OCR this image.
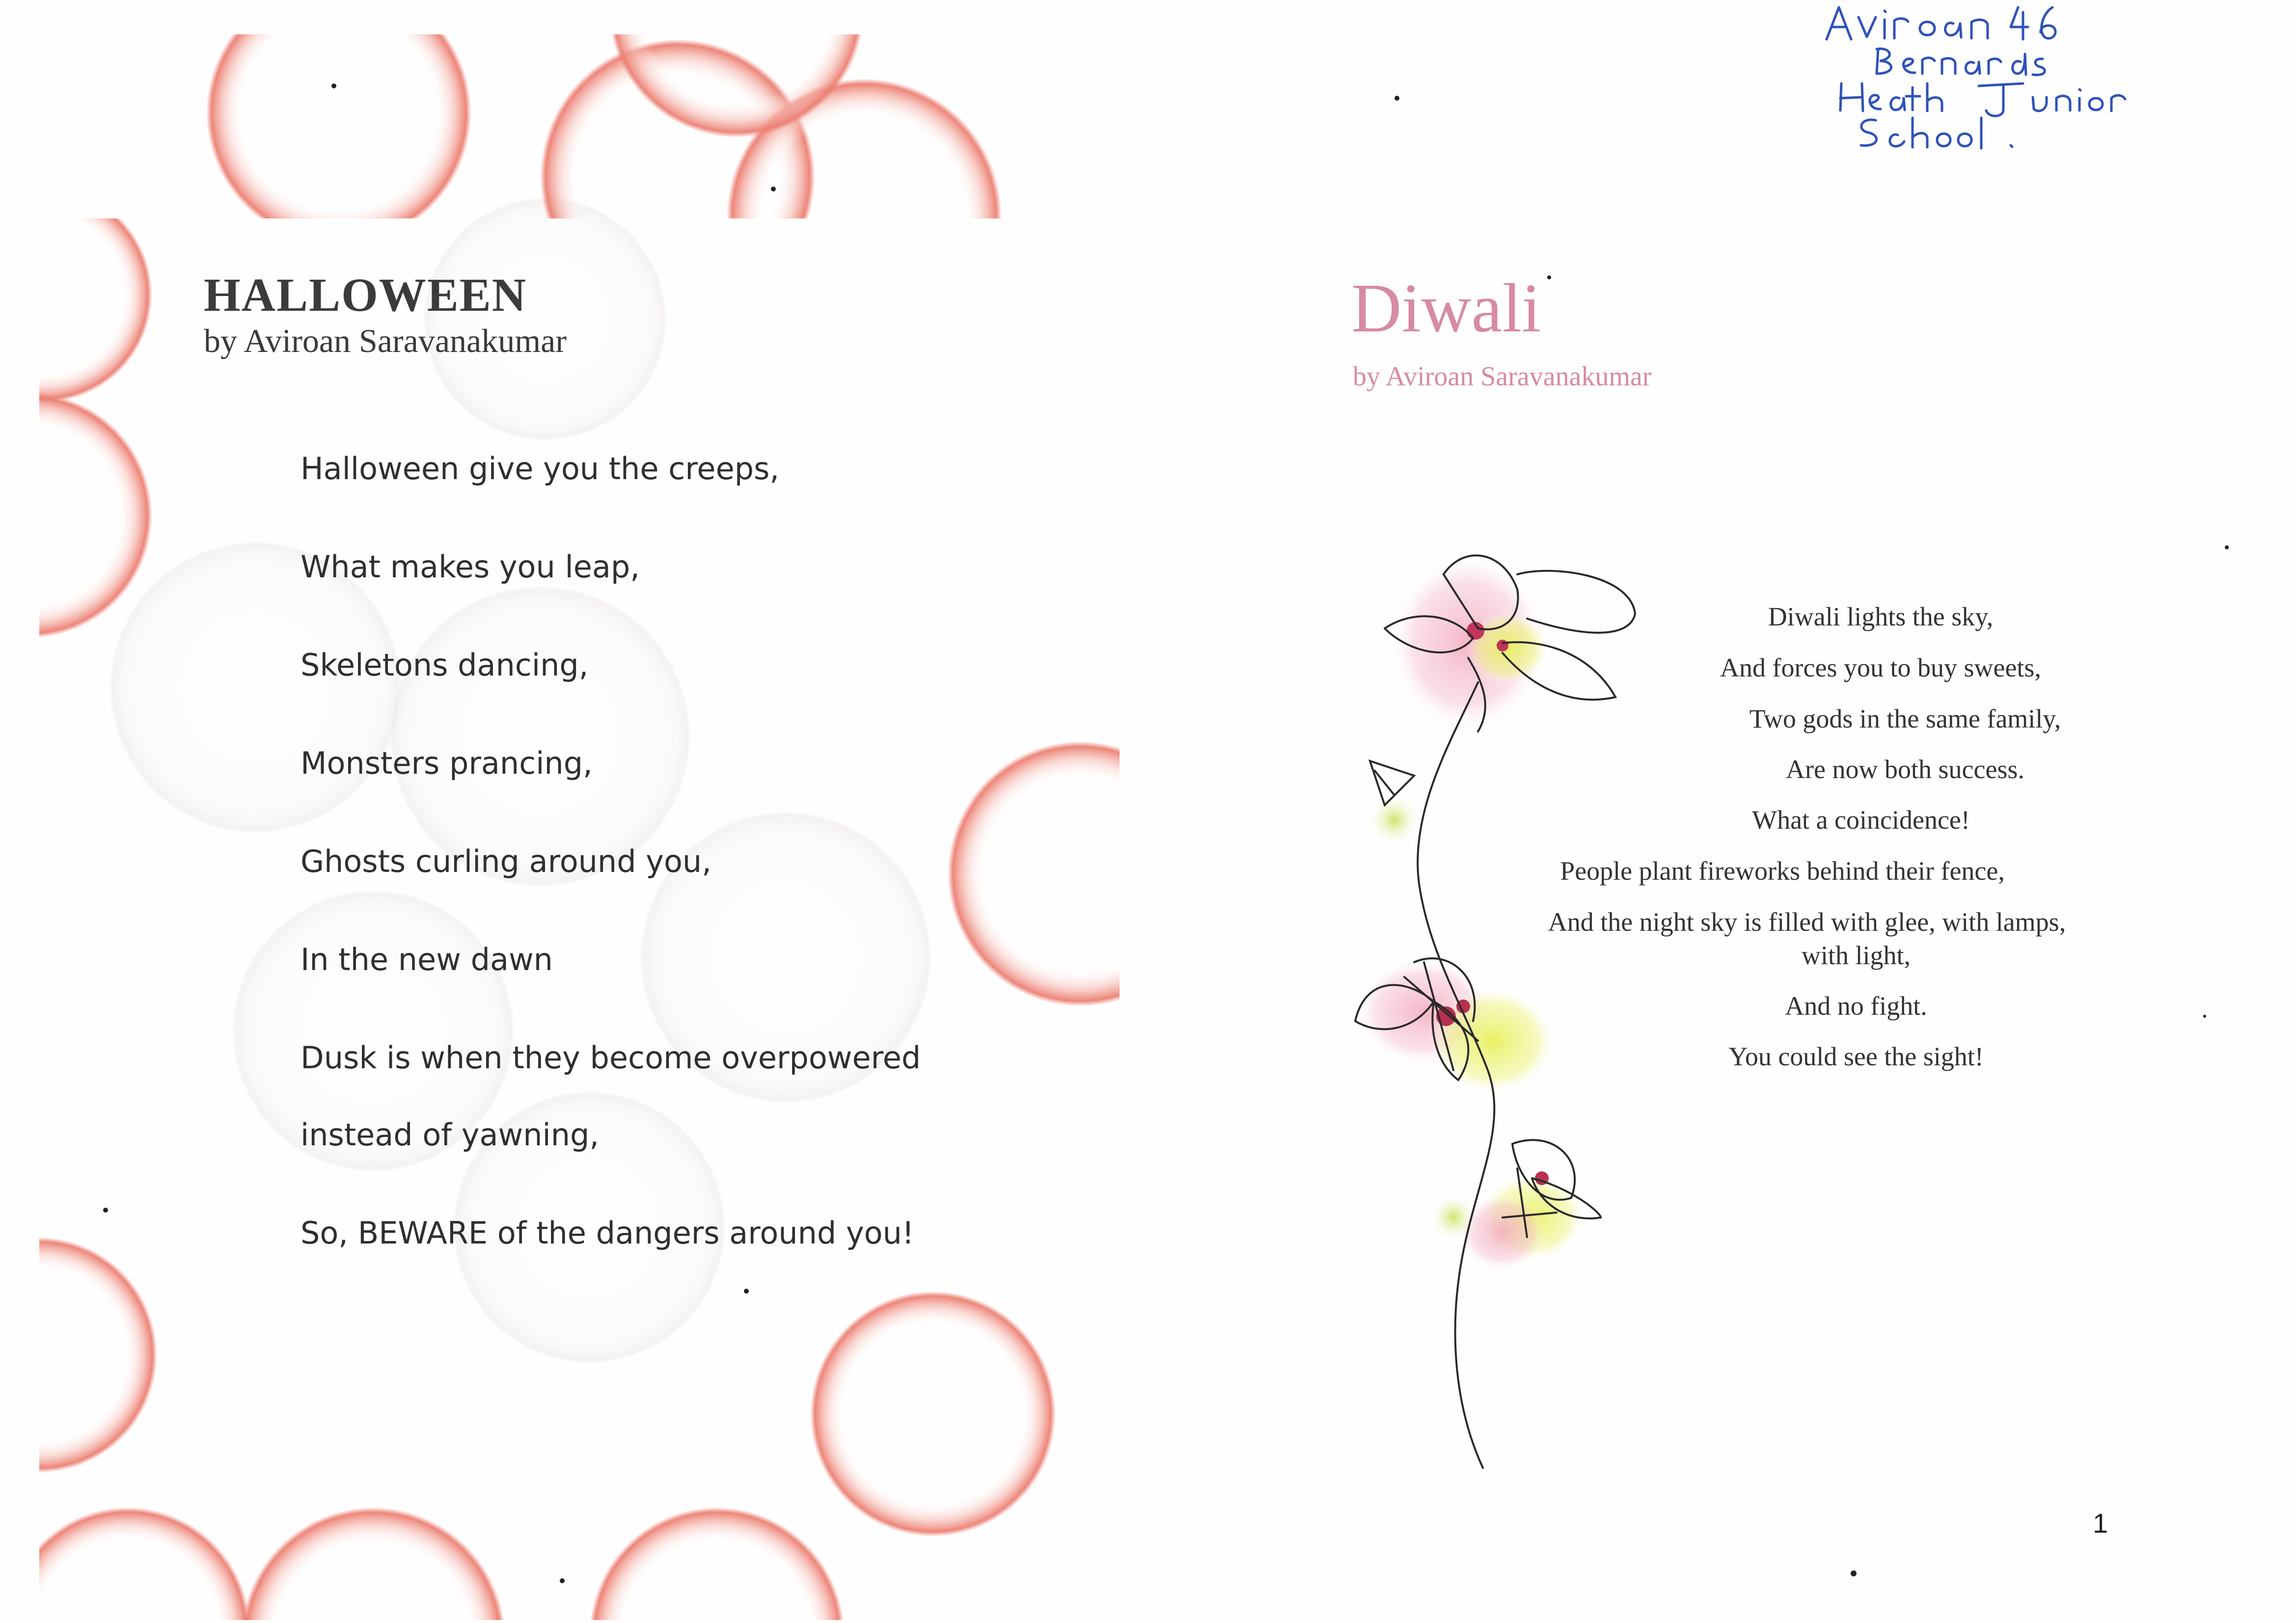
HALLOWEEN
by Aviroan Saravanakumar
Halloween give you the creeps,
What makes you leap,
Skeletons dancing,
Monsters prancing,
Ghosts curling around you,
In the new dawn
Dusk is when they become overpowered
instead of yawning,
So, BEWARE of the dangers around you!
Diwali
by Aviroan Saravanakumar
Diwali lights the sky,
And forces you to buy sweets,
Two gods in the same family,
Are now both success.
What a coincidence!
People plant fireworks behind their fence,
And the night sky is filled with glee, with lamps,
with light,
And no fight.
You could see the sight!
1
